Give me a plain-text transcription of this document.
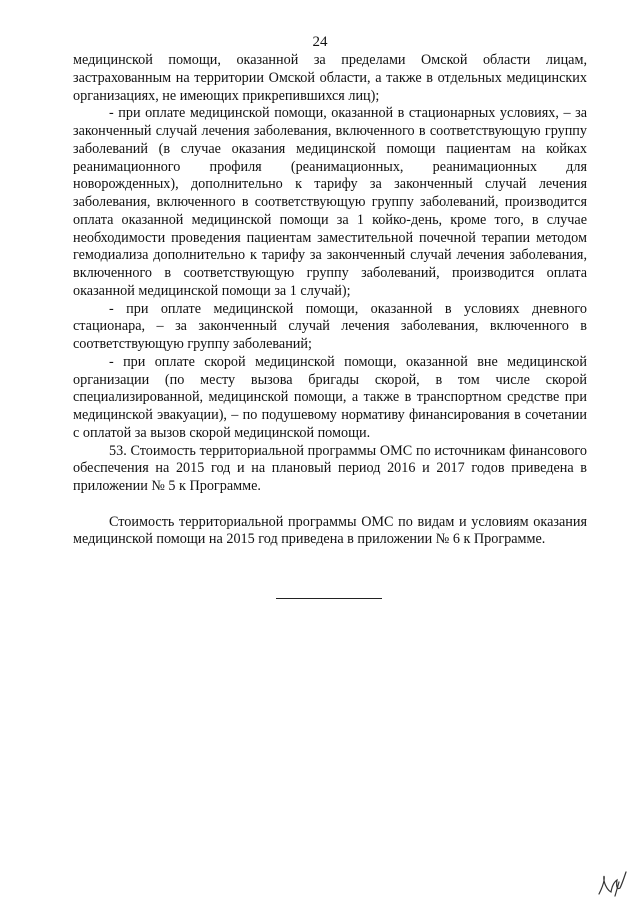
24

медицинской помощи, оказанной за пределами Омской области лицам, застрахованным на территории Омской области, а также в отдельных медицинских организациях, не имеющих прикрепившихся лиц);

- при оплате медицинской помощи, оказанной в стационарных условиях, – за законченный случай лечения заболевания, включенного в соответствующую группу заболеваний (в случае оказания медицинской помощи пациентам на койках реанимационного профиля (реанимационных, реанимационных для новорожденных), дополнительно к тарифу за законченный случай лечения заболевания, включенного в соответствующую группу заболеваний, производится оплата оказанной медицинской помощи за 1 койко-день, кроме того, в случае необходимости проведения пациентам заместительной почечной терапии методом гемодиализа дополнительно к тарифу за законченный случай лечения заболевания, включенного в соответствующую группу заболеваний, производится оплата оказанной медицинской помощи за 1 случай);

- при оплате медицинской помощи, оказанной в условиях дневного стационара, – за законченный случай лечения заболевания, включенного в соответствующую группу заболеваний;

- при оплате скорой медицинской помощи, оказанной вне медицинской организации (по месту вызова бригады скорой, в том числе скорой специализированной, медицинской помощи, а также в транспортном средстве при медицинской эвакуации), – по подушевому нормативу финансирования в сочетании с оплатой за вызов скорой медицинской помощи.

53. Стоимость территориальной программы ОМС по источникам финансового обеспечения на 2015 год и на плановый период 2016 и 2017 годов приведена в приложении № 5 к Программе.

Стоимость территориальной программы ОМС по видам и условиям оказания медицинской помощи на 2015 год приведена в приложении № 6 к Программе.
